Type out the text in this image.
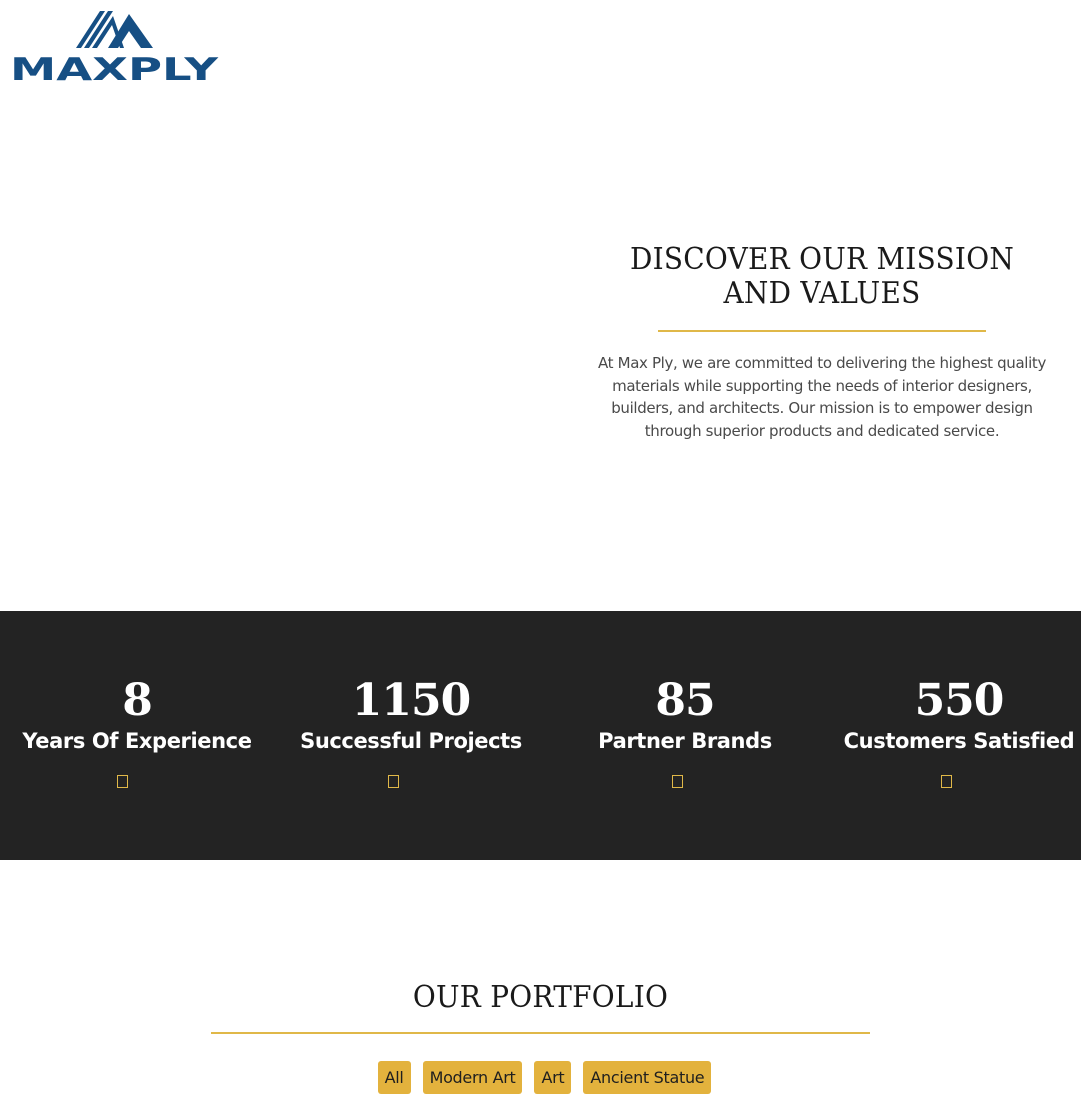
MAXPLY
DISCOVER OUR MISSION AND VALUES

At Max Ply, we are committed to delivering the highest quality materials while supporting the needs of interior designers, builders, and architects. Our mission is to empower design through superior products and dedicated service.

8
Years Of Experience
1150
Successful Projects
85
Partner Brands
550
Customers Satisfied
OUR PORTFOLIO
All	Modern Art	Art	Ancient Statue
